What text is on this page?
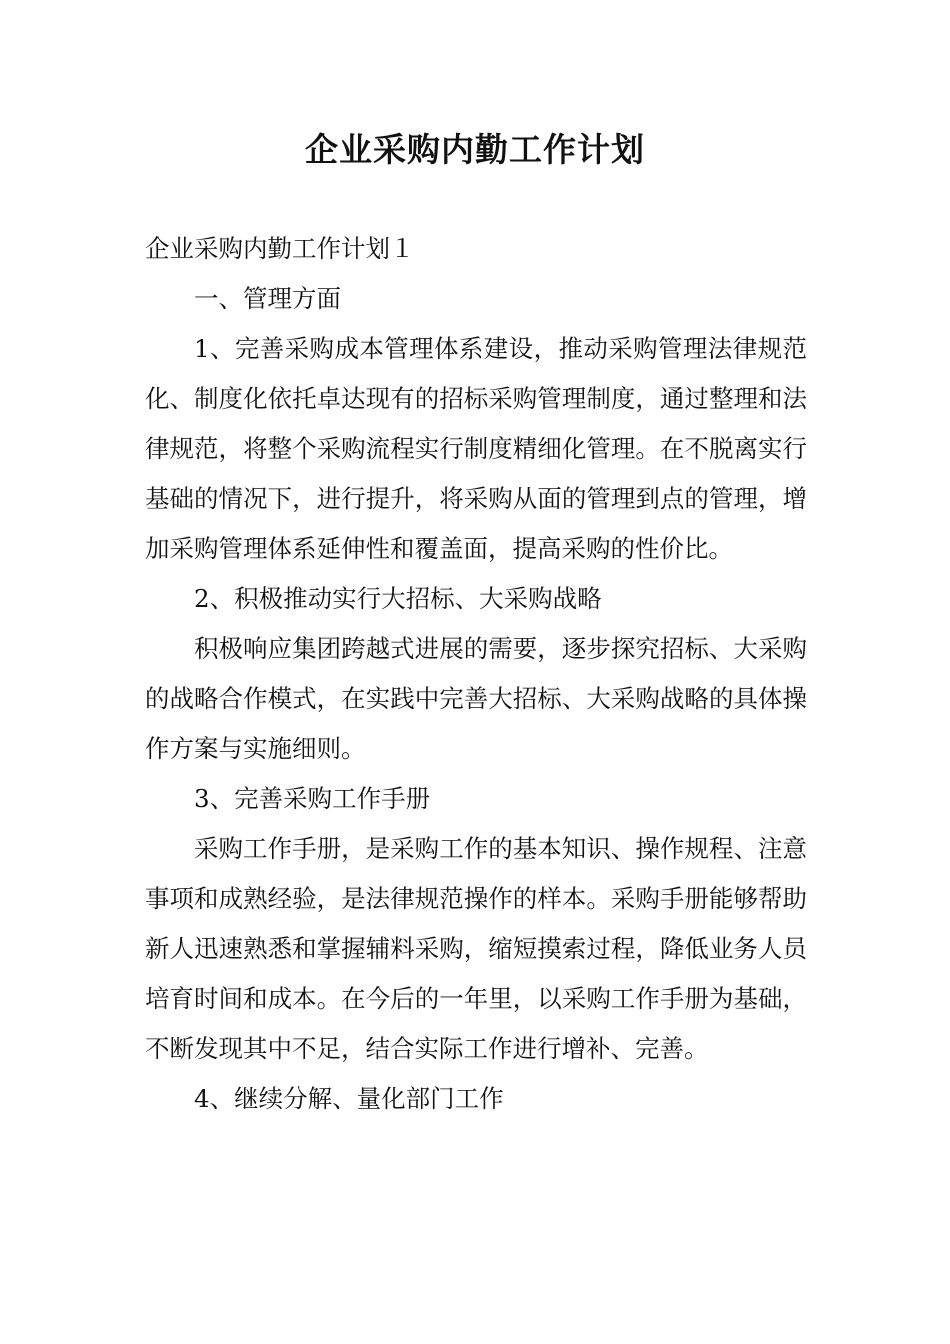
企业采购内勤工作计划

企业采购内勤工作计划１

一、管理方面

1、完善采购成本管理体系建设，推动采购管理法律规范化、制度化依托卓达现有的招标采购管理制度，通过整理和法律规范，将整个采购流程实行制度精细化管理。在不脱离实行基础的情况下，进行提升，将采购从面的管理到点的管理，增加采购管理体系延伸性和覆盖面，提高采购的性价比。

2、积极推动实行大招标、大采购战略

积极响应集团跨越式进展的需要，逐步探究招标、大采购的战略合作模式，在实践中完善大招标、大采购战略的具体操作方案与实施细则。

3、完善采购工作手册

采购工作手册，是采购工作的基本知识、操作规程、注意事项和成熟经验，是法律规范操作的样本。采购手册能够帮助新人迅速熟悉和掌握辅料采购，缩短摸索过程，降低业务人员培育时间和成本。在今后的一年里，以采购工作手册为基础，不断发现其中不足，结合实际工作进行增补、完善。

4、继续分解、量化部门工作
